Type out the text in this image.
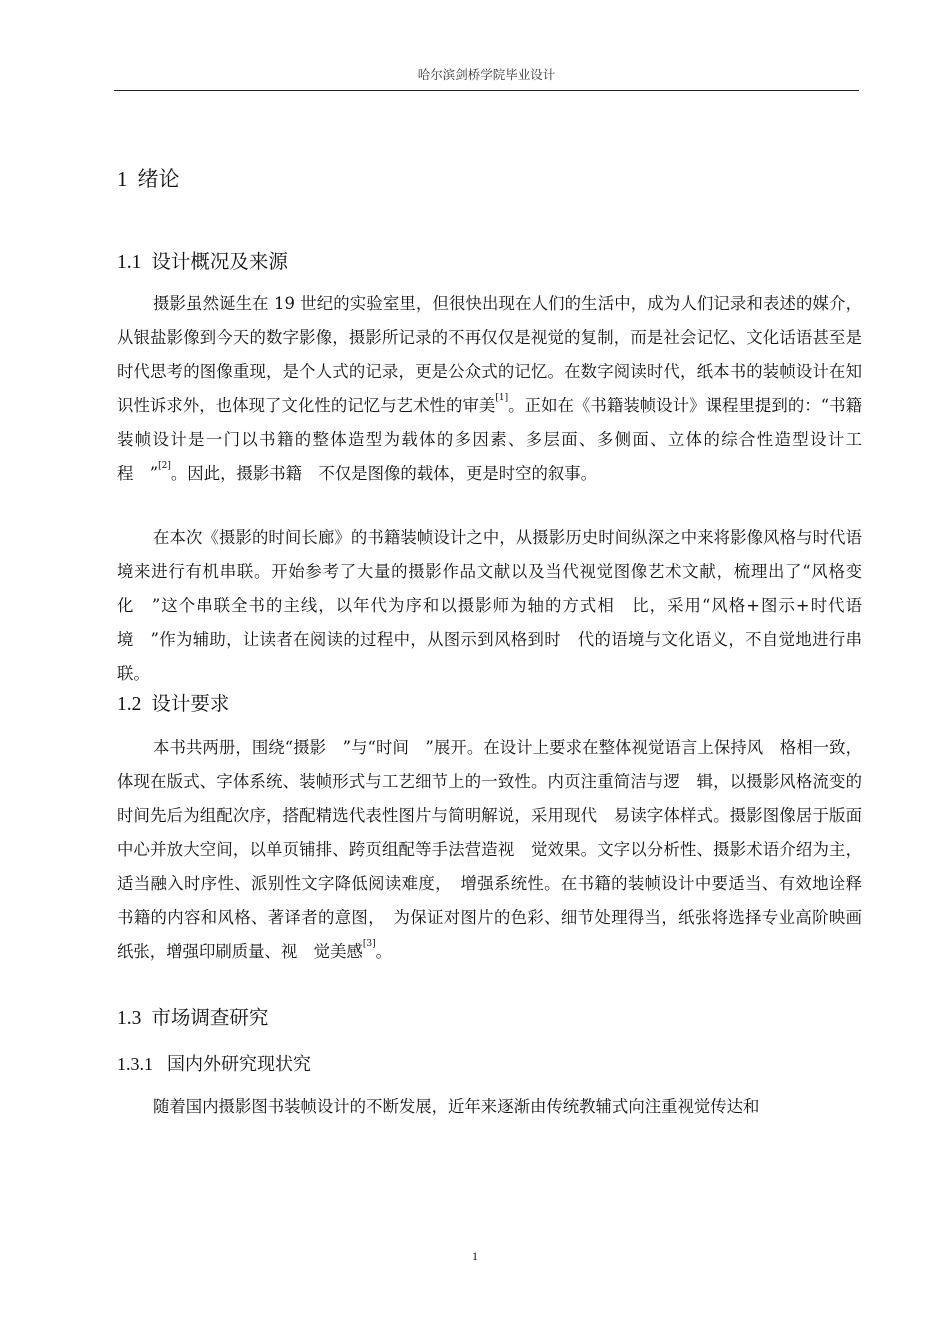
哈尔滨剑桥学院毕业设计
1 绪论
1.1 设计概况及来源

摄影虽然诞生在 19 世纪的实验室里，但很快出现在人们的生活中，成为人们记录和表述的媒介，从银盐影像到今天的数字影像，摄影所记录的不再仅仅是视觉的复制，而是社会记忆、文化话语甚至是时代思考的图像重现，是个人式的记录，更是公众式的记忆。在数字阅读时代，纸本书的装帧设计在知识性诉求外，也体现了文化性的记忆与艺术性的审美[1]。正如在《书籍装帧设计》课程里提到的：“书籍装帧设计是一门以书籍的整体造型为载体的多因素、多层面、多侧面、立体的综合性造型设计工程　”[2]。因此，摄影书籍　不仅是图像的载体，更是时空的叙事。

在本次《摄影的时间长廊》的书籍装帧设计之中，从摄影历史时间纵深之中来将影像风格与时代语境来进行有机串联。开始参考了大量的摄影作品文献以及当代视觉图像艺术文献，梳理出了“风格变化　”这个串联全书的主线，以年代为序和以摄影师为轴的方式相　比，采用“风格+图示+时代语境　”作为辅助，让读者在阅读的过程中，从图示到风格到时　代的语境与文化语义，不自觉地进行串联。

1.2 设计要求

本书共两册，围绕“摄影　”与“时间　”展开。在设计上要求在整体视觉语言上保持风　格相一致，体现在版式、字体系统、装帧形式与工艺细节上的一致性。内页注重简洁与逻　辑，以摄影风格流变的时间先后为组配次序，搭配精选代表性图片与简明解说，采用现代　易读字体样式。摄影图像居于版面中心并放大空间，以单页铺排、跨页组配等手法营造视　觉效果。文字以分析性、摄影术语介绍为主，适当融入时序性、派别性文字降低阅读难度，　增强系统性。在书籍的装帧设计中要适当、有效地诠释书籍的内容和风格、著译者的意图，　为保证对图片的色彩、细节处理得当，纸张将选择专业高阶映画纸张，增强印刷质量、视　觉美感[3]。

1.3 市场调查研究
1.3.1 国内外研究现状究

随着国内摄影图书装帧设计的不断发展，近年来逐渐由传统教辅式向注重视觉传达和

1
